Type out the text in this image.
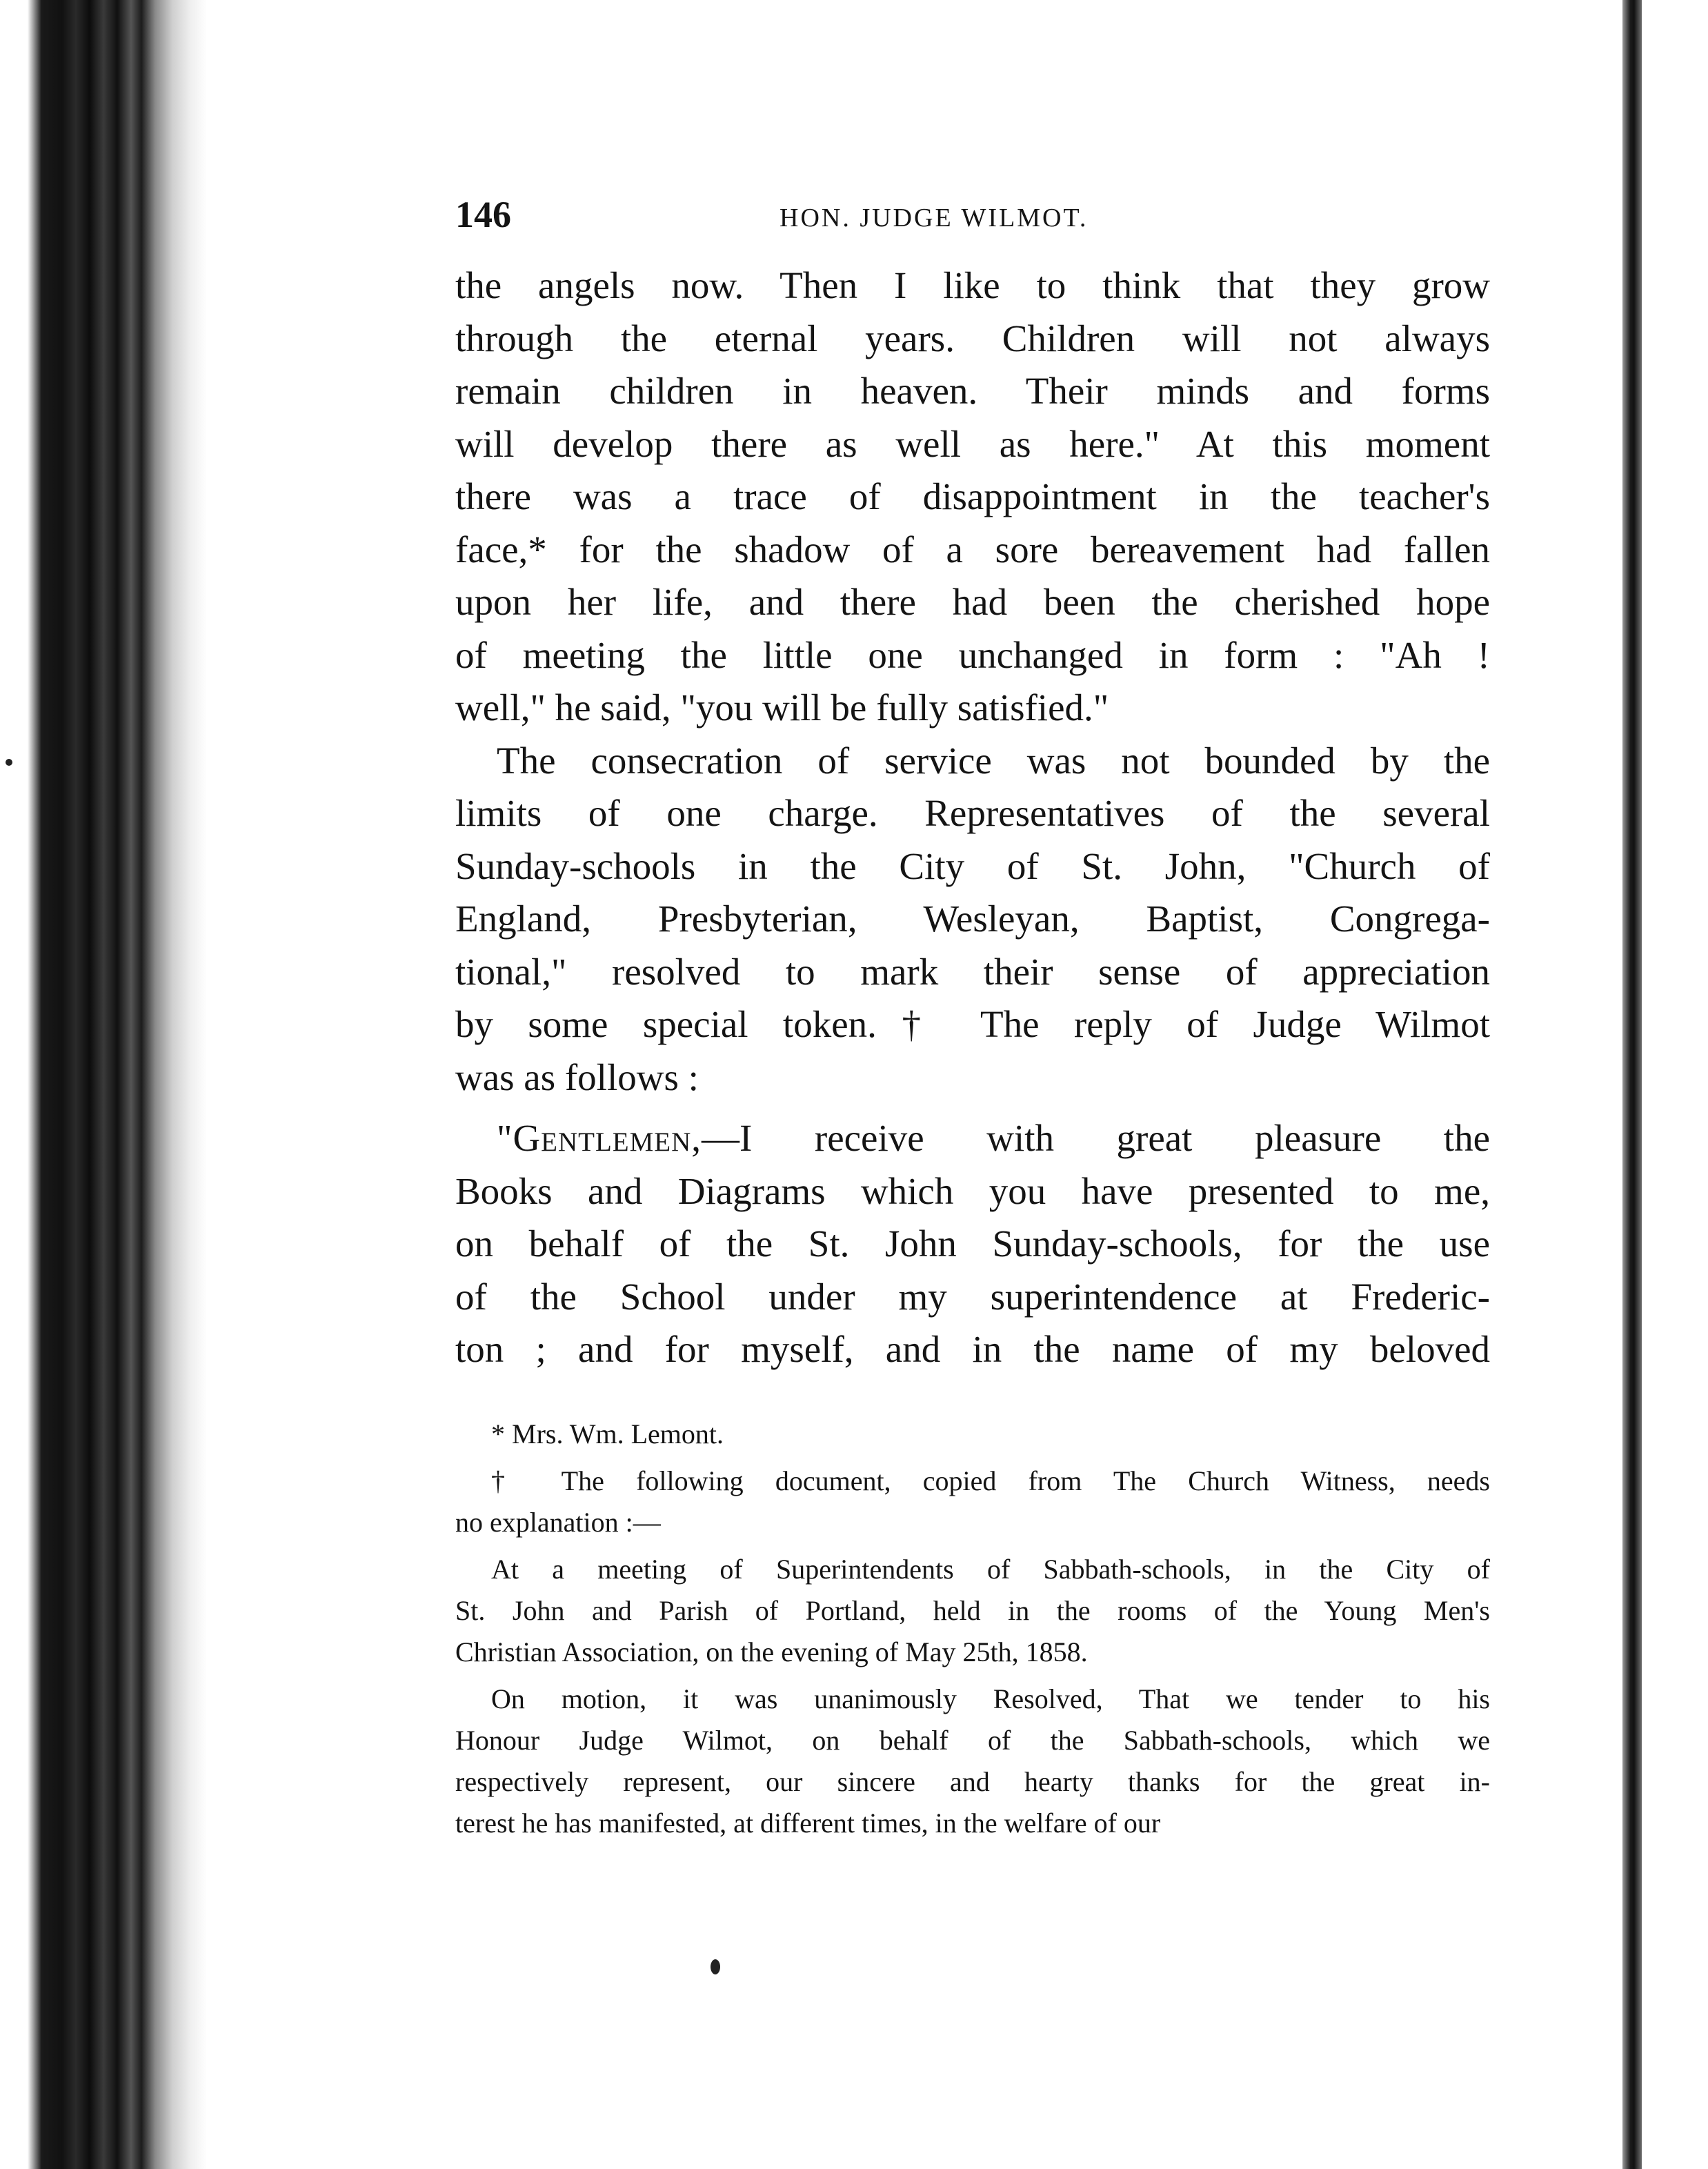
146	HON. JUDGE WILMOT.

the angels now. Then I like to think that they grow
through the eternal years. Children will not always
remain children in heaven. Their minds and forms
will develop there as well as here." At this moment
there was a trace of disappointment in the teacher's
face,* for the shadow of a sore bereavement had fallen
upon her life, and there had been the cherished hope
of meeting the little one unchanged in form : "Ah !
well," he said, "you will be fully satisfied."

The consecration of service was not bounded by the
limits of one charge. Representatives of the several
Sunday-schools in the City of St. John, "Church of
England, Presbyterian, Wesleyan, Baptist, Congrega-
tional," resolved to mark their sense of appreciation
by some special token.† The reply of Judge Wilmot
was as follows :

"Gentlemen,—I receive with great pleasure the
Books and Diagrams which you have presented to me,
on behalf of the St. John Sunday-schools, for the use
of the School under my superintendence at Frederic-
ton ; and for myself, and in the name of my beloved

* Mrs. Wm. Lemont.
† The following document, copied from The Church Witness, needs
no explanation :—
At a meeting of Superintendents of Sabbath-schools, in the City of
St. John and Parish of Portland, held in the rooms of the Young Men's
Christian Association, on the evening of May 25th, 1858.
On motion, it was unanimously Resolved, That we tender to his
Honour Judge Wilmot, on behalf of the Sabbath-schools, which we
respectively represent, our sincere and hearty thanks for the great in-
terest he has manifested, at different times, in the welfare of our
